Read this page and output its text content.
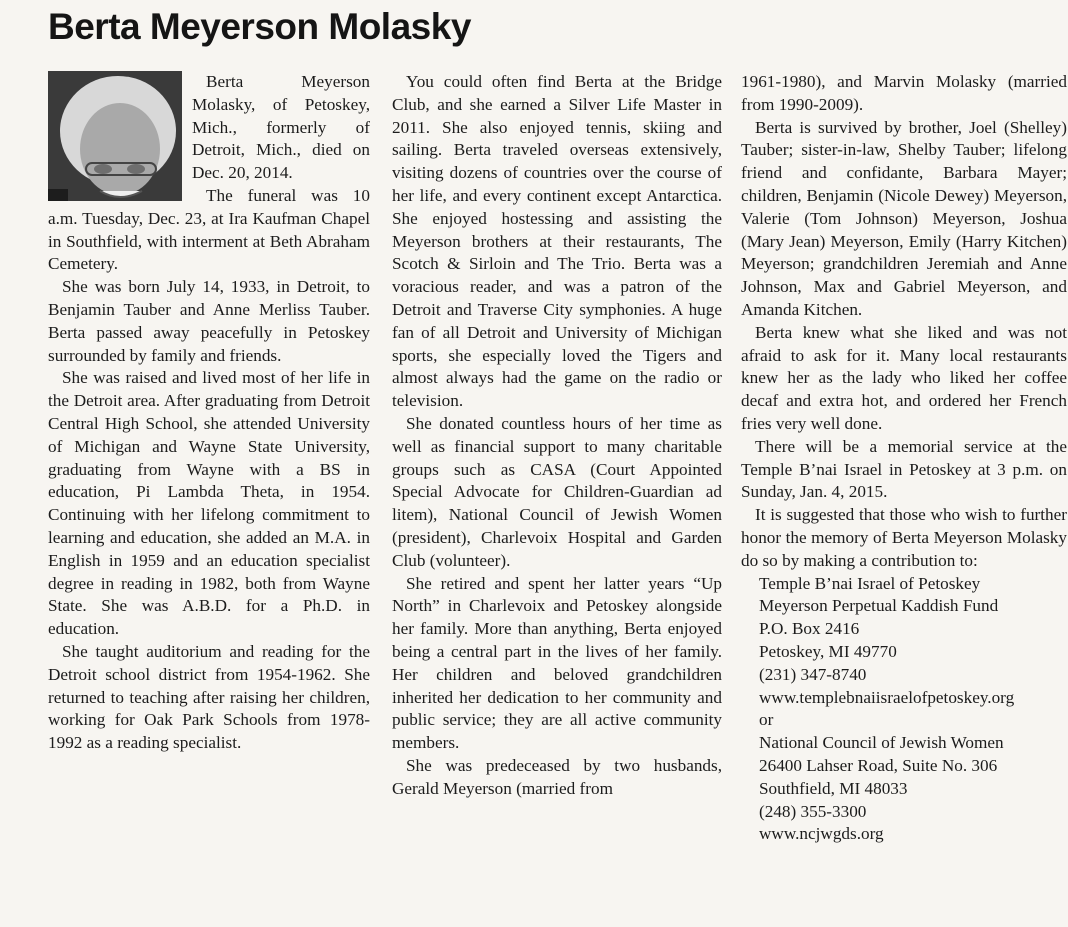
Berta Meyerson Molasky

Berta Meyerson Molasky, of Petoskey, Mich., formerly of Detroit, Mich., died on Dec. 20, 2014.

The funeral was 10 a.m. Tuesday, Dec. 23, at Ira Kaufman Chapel in Southfield, with interment at Beth Abraham Cemetery.

She was born July 14, 1933, in Detroit, to Benjamin Tauber and Anne Merliss Tauber. Berta passed away peacefully in Petoskey surrounded by family and friends.

She was raised and lived most of her life in the Detroit area. After graduating from Detroit Central High School, she attended University of Michigan and Wayne State University, graduating from Wayne with a BS in education, Pi Lambda Theta, in 1954. Continuing with her lifelong commitment to learning and education, she added an M.A. in English in 1959 and an education specialist degree in reading in 1982, both from Wayne State. She was A.B.D. for a Ph.D. in education.

She taught auditorium and reading for the Detroit school district from 1954-1962. She returned to teaching after raising her children, working for Oak Park Schools from 1978-1992 as a reading specialist.

You could often find Berta at the Bridge Club, and she earned a Silver Life Master in 2011. She also enjoyed tennis, skiing and sailing. Berta traveled overseas extensively, visiting dozens of countries over the course of her life, and every continent except Antarctica. She enjoyed hostessing and assisting the Meyerson brothers at their restaurants, The Scotch & Sirloin and The Trio. Berta was a voracious reader, and was a patron of the Detroit and Traverse City symphonies. A huge fan of all Detroit and University of Michigan sports, she especially loved the Tigers and almost always had the game on the radio or television.

She donated countless hours of her time as well as financial support to many charitable groups such as CASA (Court Appointed Special Advocate for Children-Guardian ad litem), National Council of Jewish Women (president), Charlevoix Hospital and Garden Club (volunteer).

She retired and spent her latter years “Up North” in Charlevoix and Petoskey alongside her family. More than anything, Berta enjoyed being a central part in the lives of her family. Her children and beloved grandchildren inherited her dedication to her community and public service; they are all active community members.

She was predeceased by two husbands, Gerald Meyerson (married from

1961-1980), and Marvin Molasky (married from 1990-2009).

Berta is survived by brother, Joel (Shelley) Tauber; sister-in-law, Shelby Tauber; lifelong friend and confidante, Barbara Mayer; children, Benjamin (Nicole Dewey) Meyerson, Valerie (Tom Johnson) Meyerson, Joshua (Mary Jean) Meyerson, Emily (Harry Kitchen) Meyerson; grandchildren Jeremiah and Anne Johnson, Max and Gabriel Meyerson, and Amanda Kitchen.

Berta knew what she liked and was not afraid to ask for it. Many local restaurants knew her as the lady who liked her coffee decaf and extra hot, and ordered her French fries very well done.

There will be a memorial service at the Temple B’nai Israel in Petoskey at 3 p.m. on Sunday, Jan. 4, 2015.

It is suggested that those who wish to further honor the memory of Berta Meyerson Molasky do so by making a contribution to:

Temple B’nai Israel of Petoskey
Meyerson Perpetual Kaddish Fund
P.O. Box 2416
Petoskey, MI 49770
(231) 347-8740
www.templebnaiisraelofpetoskey.org
or
National Council of Jewish Women
26400 Lahser Road, Suite No. 306
Southfield, MI 48033
(248) 355-3300
www.ncjwgds.org
